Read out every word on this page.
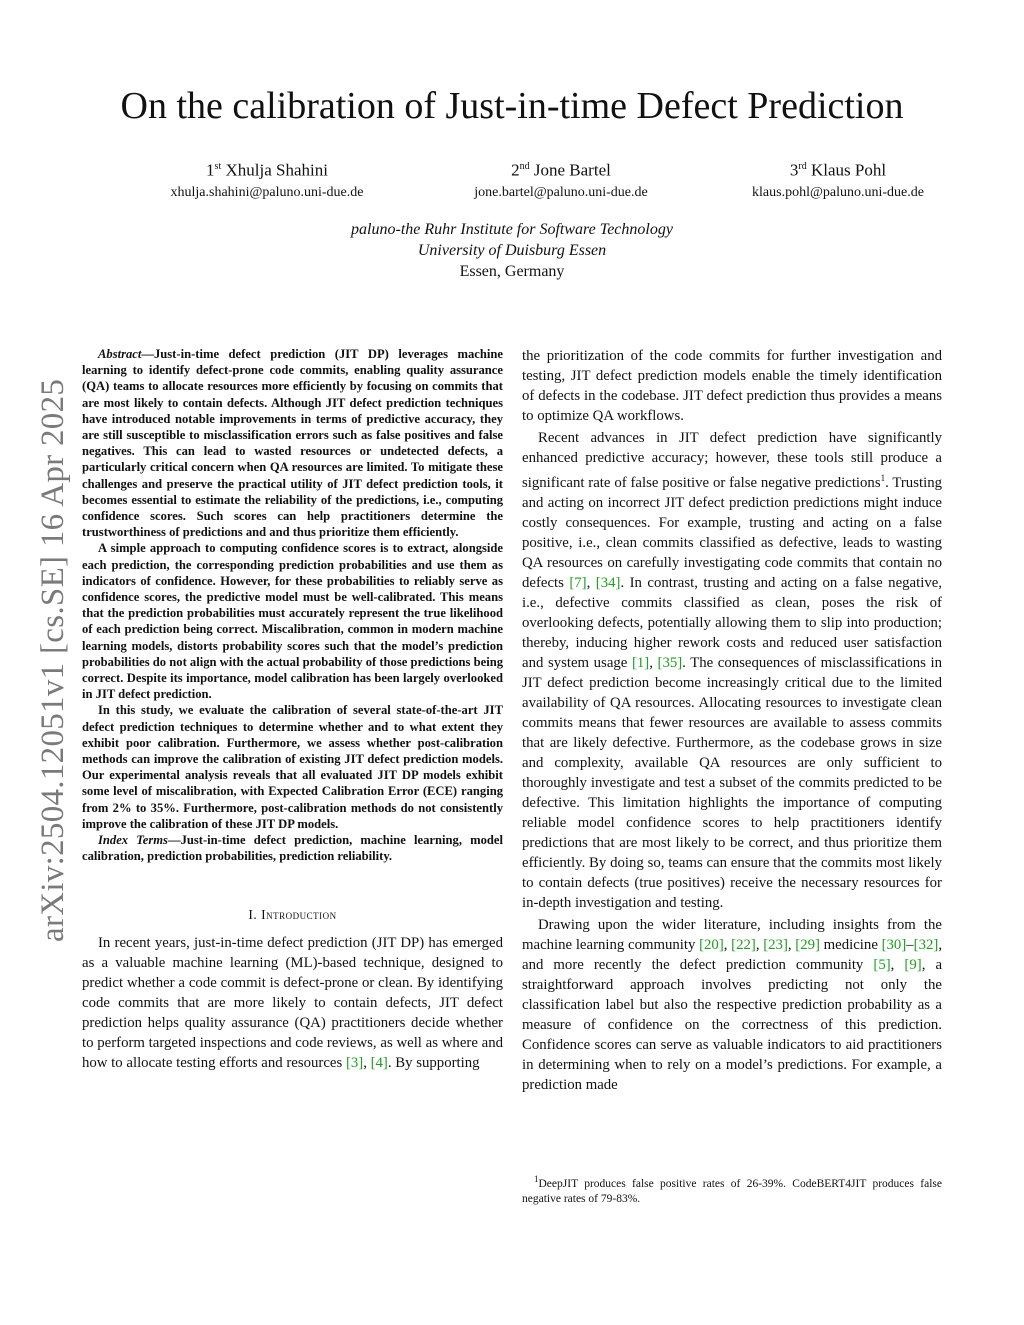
arXiv:2504.12051v1 [cs.SE] 16 Apr 2025
On the calibration of Just-in-time Defect Prediction
1st Xhulja Shahini
xhulja.shahini@paluno.uni-due.de
2nd Jone Bartel
jone.bartel@paluno.uni-due.de
3rd Klaus Pohl
klaus.pohl@paluno.uni-due.de
paluno-the Ruhr Institute for Software Technology
University of Duisburg Essen
Essen, Germany

Abstract—Just-in-time defect prediction (JIT DP) leverages machine learning to identify defect-prone code commits, enabling quality assurance (QA) teams to allocate resources more efficiently by focusing on commits that are most likely to contain defects. Although JIT defect prediction techniques have introduced notable improvements in terms of predictive accuracy, they are still susceptible to misclassification errors such as false positives and false negatives. This can lead to wasted resources or undetected defects, a particularly critical concern when QA resources are limited. To mitigate these challenges and preserve the practical utility of JIT defect prediction tools, it becomes essential to estimate the reliability of the predictions, i.e., computing confidence scores. Such scores can help practitioners determine the trustworthiness of predictions and and thus prioritize them efficiently.

A simple approach to computing confidence scores is to extract, alongside each prediction, the corresponding prediction probabilities and use them as indicators of confidence. However, for these probabilities to reliably serve as confidence scores, the predictive model must be well-calibrated. This means that the prediction probabilities must accurately represent the true likelihood of each prediction being correct. Miscalibration, common in modern machine learning models, distorts probability scores such that the model’s prediction probabilities do not align with the actual probability of those predictions being correct. Despite its importance, model calibration has been largely overlooked in JIT defect prediction.

In this study, we evaluate the calibration of several state-of-the-art JIT defect prediction techniques to determine whether and to what extent they exhibit poor calibration. Furthermore, we assess whether post-calibration methods can improve the calibration of existing JIT defect prediction models. Our experimental analysis reveals that all evaluated JIT DP models exhibit some level of miscalibration, with Expected Calibration Error (ECE) ranging from 2% to 35%. Furthermore, post-calibration methods do not consistently improve the calibration of these JIT DP models.

Index Terms—Just-in-time defect prediction, machine learning, model calibration, prediction probabilities, prediction reliability.

I. Introduction

In recent years, just-in-time defect prediction (JIT DP) has emerged as a valuable machine learning (ML)-based technique, designed to predict whether a code commit is defect-prone or clean. By identifying code commits that are more likely to contain defects, JIT defect prediction helps quality assurance (QA) practitioners decide whether to perform targeted inspections and code reviews, as well as where and how to allocate testing efforts and resources [3], [4]. By supporting

the prioritization of the code commits for further investigation and testing, JIT defect prediction models enable the timely identification of defects in the codebase. JIT defect prediction thus provides a means to optimize QA workflows.

Recent advances in JIT defect prediction have significantly enhanced predictive accuracy; however, these tools still produce a significant rate of false positive or false negative predictions$^1$. Trusting and acting on incorrect JIT defect prediction predictions might induce costly consequences. For example, trusting and acting on a false positive, i.e., clean commits classified as defective, leads to wasting QA resources on carefully investigating code commits that contain no defects [7], [34]. In contrast, trusting and acting on a false negative, i.e., defective commits classified as clean, poses the risk of overlooking defects, potentially allowing them to slip into production; thereby, inducing higher rework costs and reduced user satisfaction and system usage [1], [35]. The consequences of misclassifications in JIT defect prediction become increasingly critical due to the limited availability of QA resources. Allocating resources to investigate clean commits means that fewer resources are available to assess commits that are likely defective. Furthermore, as the codebase grows in size and complexity, available QA resources are only sufficient to thoroughly investigate and test a subset of the commits predicted to be defective. This limitation highlights the importance of computing reliable model confidence scores to help practitioners identify predictions that are most likely to be correct, and thus prioritize them efficiently. By doing so, teams can ensure that the commits most likely to contain defects (true positives) receive the necessary resources for in-depth investigation and testing.

Drawing upon the wider literature, including insights from the machine learning community [20], [22], [23], [29] medicine [30]–[32], and more recently the defect prediction community [5], [9], a straightforward approach involves predicting not only the classification label but also the respective prediction probability as a measure of confidence on the correctness of this prediction. Confidence scores can serve as valuable indicators to aid practitioners in determining when to rely on a model’s predictions. For example, a prediction made

$^1$DeepJIT produces false positive rates of 26-39%. CodeBERT4JIT produces false negative rates of 79-83%.
